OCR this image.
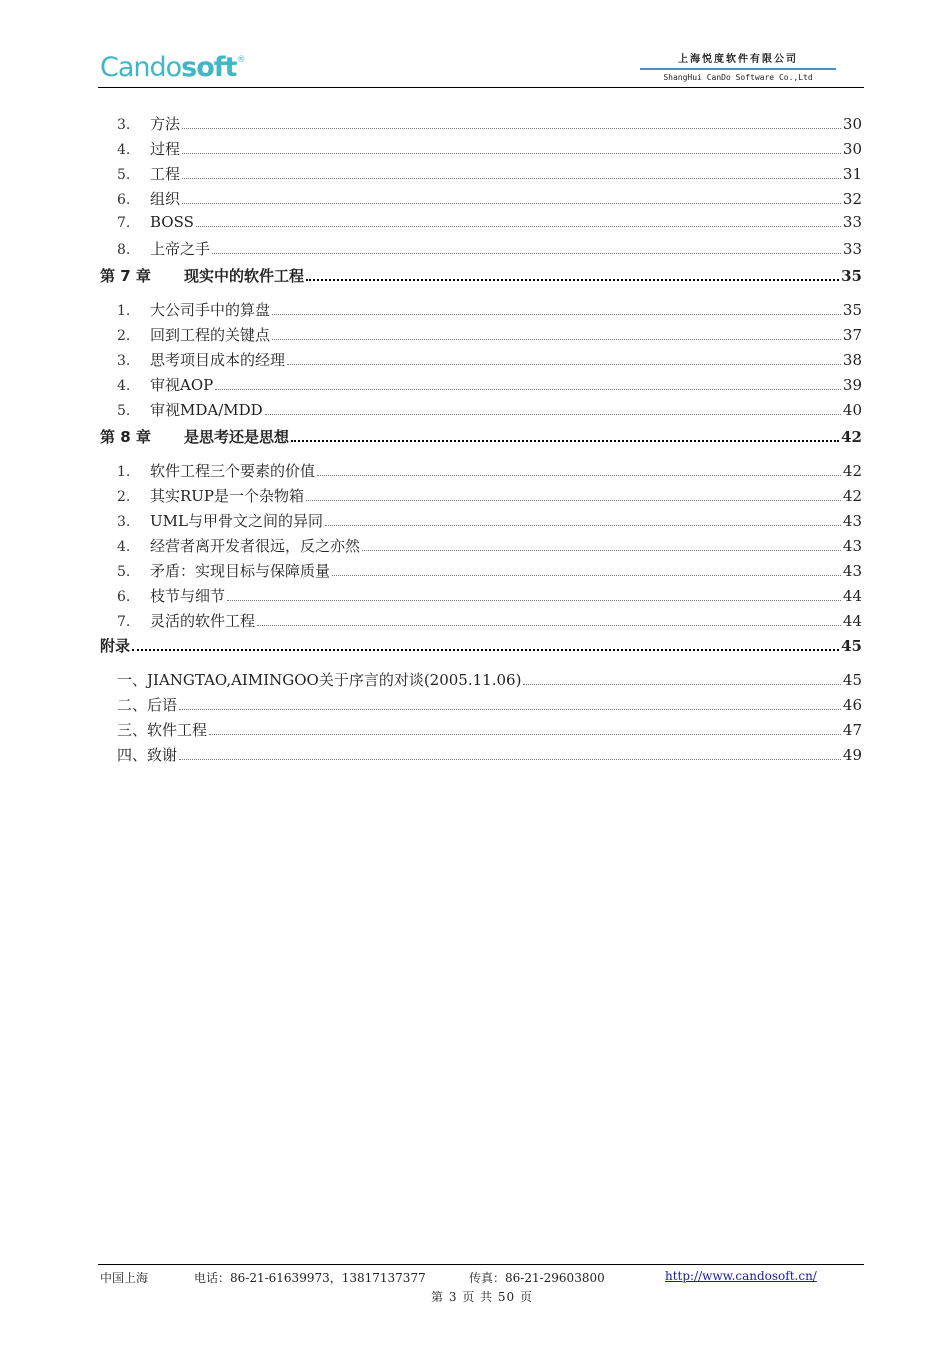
Candosoft®	上海悦度软件有限公司
ShangHui CanDo Software Co.,Ltd
3.	方法	30
4.	过程	30
5.	工程	31
6.	组织	32
7.	BOSS	33
8.	上帝之手	33
第 7 章	现实中的软件工程	35
1.	大公司手中的算盘	35
2.	回到工程的关键点	37
3.	思考项目成本的经理	38
4.	审视AOP	39
5.	审视MDA/MDD	40
第 8 章	是思考还是思想	42
1.	软件工程三个要素的价值	42
2.	其实RUP是一个杂物箱	42
3.	UML与甲骨文之间的异同	43
4.	经营者离开发者很远，反之亦然	43
5.	矛盾：实现目标与保障质量	43
6.	枝节与细节	44
7.	灵活的软件工程	44
附录	45
一、JIANGTAO,AIMINGOO关于序言的对谈(2005.11.06)	45
二、后语	46
三、软件工程	47
四、致谢	49
中国上海	电话：86-21-61639973，13817137377	传真：86-21-29603800	http://www.candosoft.cn/
第 3 页 共 50 页
